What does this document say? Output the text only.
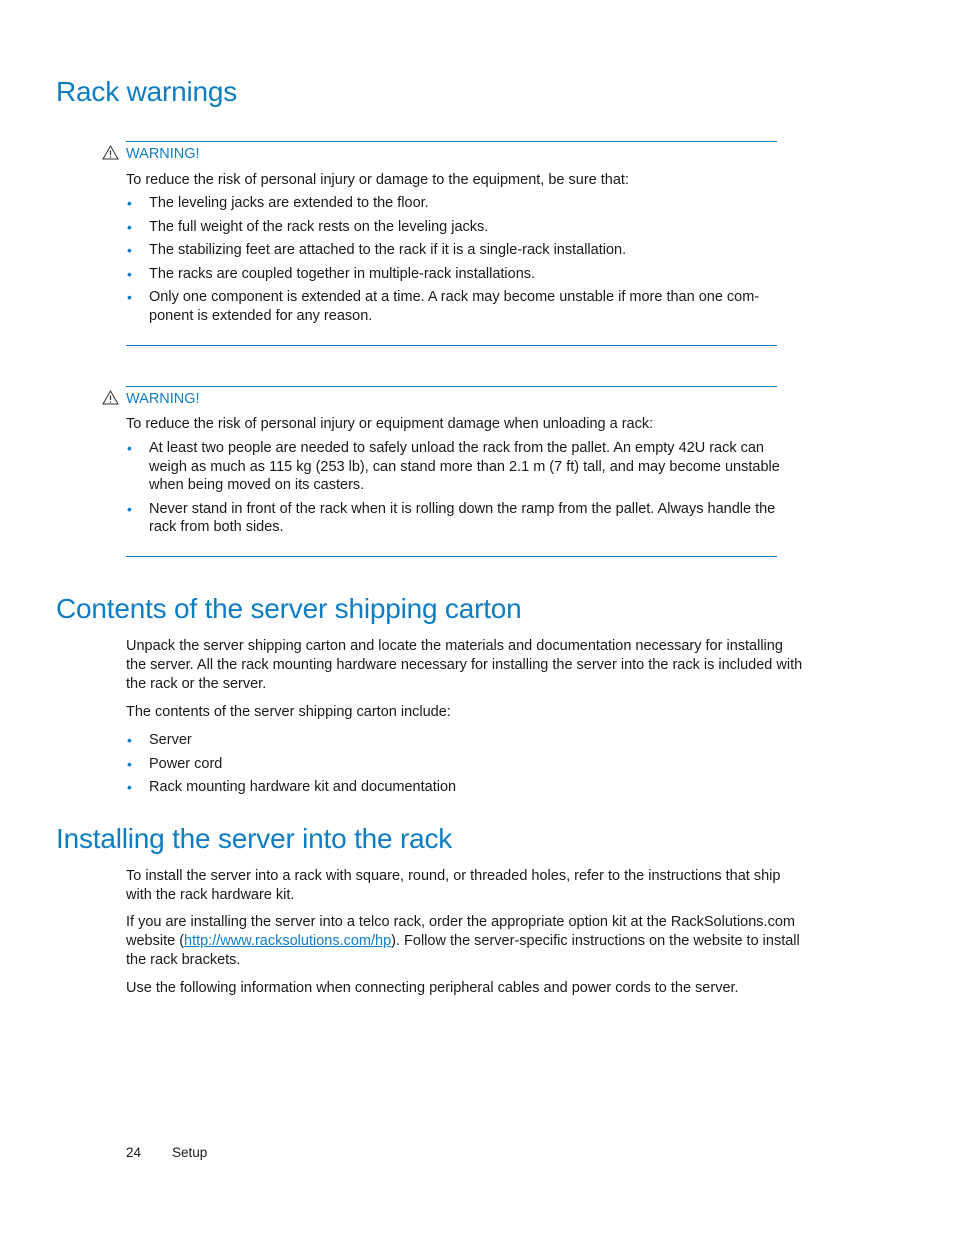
Rack warnings
WARNING!
To reduce the risk of personal injury or damage to the equipment, be sure that:
• The leveling jacks are extended to the floor.
• The full weight of the rack rests on the leveling jacks.
• The stabilizing feet are attached to the rack if it is a single-rack installation.
• The racks are coupled together in multiple-rack installations.
• Only one component is extended at a time. A rack may become unstable if more than one com-ponent is extended for any reason.
WARNING!
To reduce the risk of personal injury or equipment damage when unloading a rack:
• At least two people are needed to safely unload the rack from the pallet. An empty 42U rack can weigh as much as 115 kg (253 lb), can stand more than 2.1 m (7 ft) tall, and may become unstable when being moved on its casters.
• Never stand in front of the rack when it is rolling down the ramp from the pallet. Always handle the rack from both sides.
Contents of the server shipping carton

Unpack the server shipping carton and locate the materials and documentation necessary for installing the server. All the rack mounting hardware necessary for installing the server into the rack is included with the rack or the server.

The contents of the server shipping carton include:

• Server
• Power cord
• Rack mounting hardware kit and documentation
Installing the server into the rack

To install the server into a rack with square, round, or threaded holes, refer to the instructions that ship with the rack hardware kit.

If you are installing the server into a telco rack, order the appropriate option kit at the RackSolutions.com website (http://www.racksolutions.com/hp). Follow the server-specific instructions on the website to install the rack brackets.

Use the following information when connecting peripheral cables and power cords to the server.

24 Setup
